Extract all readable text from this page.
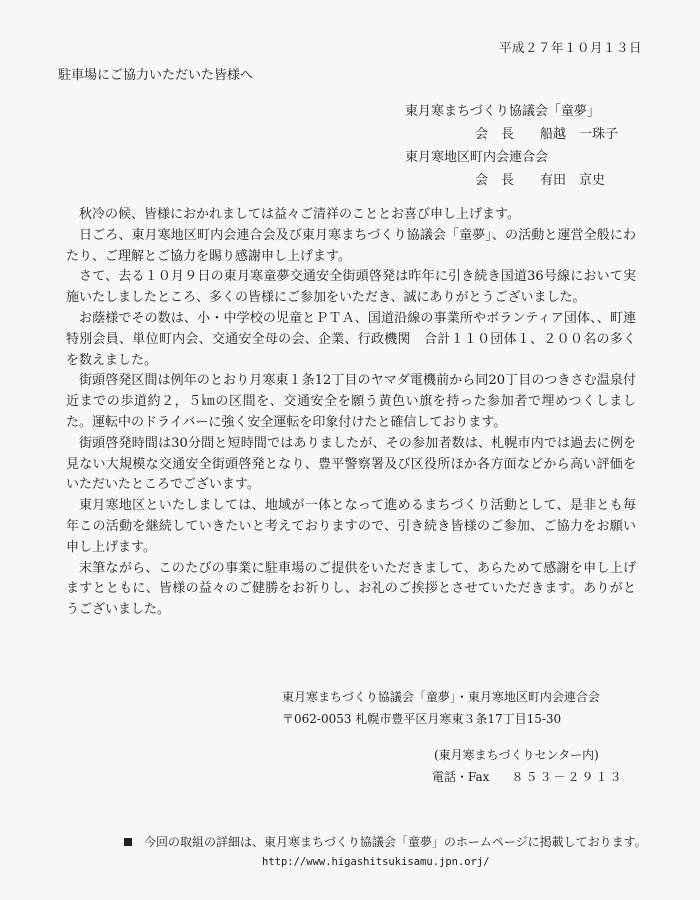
平成２７年１０月１３日
駐車場にご協力いただいた皆様へ
東月寒まちづくり協議会「童夢」
会　長 船越　一珠子
東月寒地区町内会連合会
会　長 有田　京史

秋冷の候、皆様におかれましては益々ご清祥のこととお喜び申し上げます。

日ごろ、東月寒地区町内会連合会及び東月寒まちづくり協議会「童夢」、の活動と運営全般にわたり、ご理解とご協力を賜り感謝申し上げます。

さて、去る１０月９日の東月寒童夢交通安全街頭啓発は昨年に引き続き国道36号線において実施いたしましたところ、多くの皆様にご参加をいただき、誠にありがとうございました。

お蔭様でその数は、小・中学校の児童とＰＴＡ、国道沿線の事業所やボランティア団体、、町連特別会員、単位町内会、交通安全母の会、企業、行政機関　合計１１０団体１、２００名の多くを数えました。

街頭啓発区間は例年のとおり月寒東１条12丁目のヤマダ電機前から同20丁目のつきさむ温泉付近までの歩道約２，５㎞の区間を、交通安全を願う黄色い旗を持った参加者で埋めつくしました。運転中のドライバーに強く安全運転を印象付けたと確信しております。

街頭啓発時間は30分間と短時間ではありましたが、その参加者数は、札幌市内では過去に例を見ない大規模な交通安全街頭啓発となり、豊平警察署及び区役所ほか各方面などから高い評価をいただいたところでございます。

東月寒地区といたしましては、地域が一体となって進めるまちづくり活動として、是非とも毎年この活動を継続していきたいと考えておりますので、引き続き皆様のご参加、ご協力をお願い申し上げます。

末筆ながら、このたびの事業に駐車場のご提供をいただきまして、あらためて感謝を申し上げますとともに、皆様の益々のご健勝をお祈りし、お礼のご挨拶とさせていただきます。ありがとうございました。

東月寒まちづくり協議会「童夢」・東月寒地区町内会連合会
〒062-0053 札幌市豊平区月寒東３条17丁目15-30
(東月寒まちづくりセンター内)
電話・Fax ８５３－２９１３
今回の取組の詳細は、東月寒まちづくり協議会「童夢」のホームページに掲載しております。
http://www.higashitsukisamu.jpn.orj/
